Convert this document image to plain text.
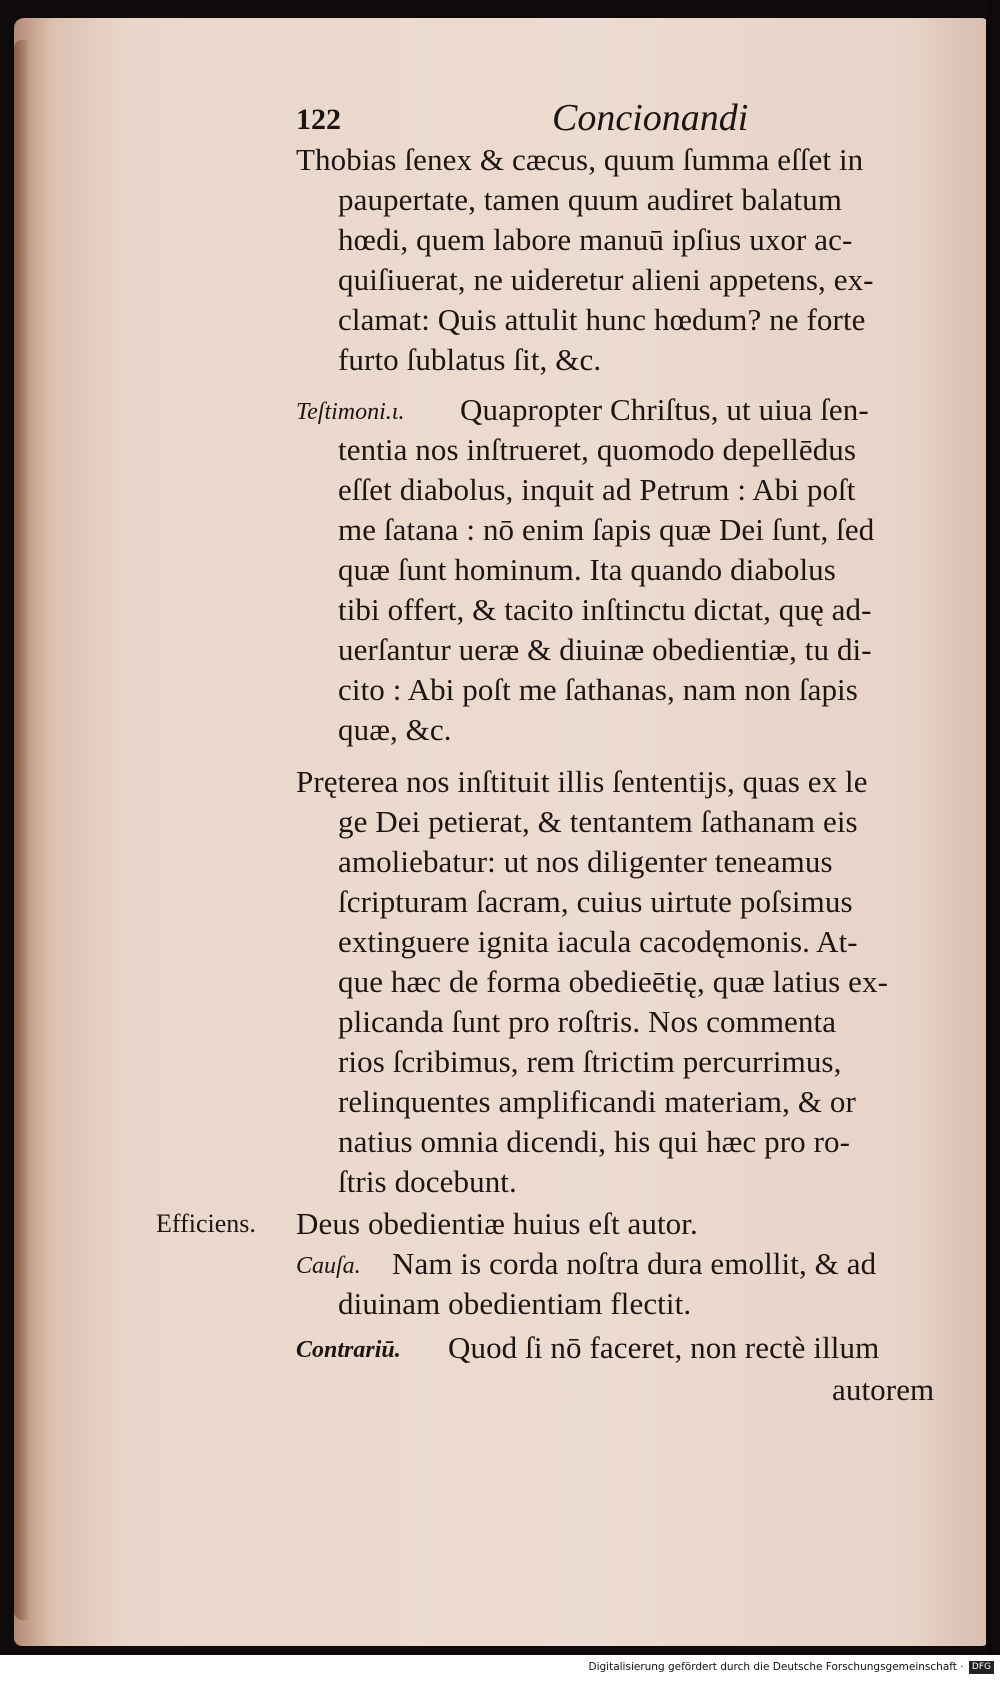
122	Concionandi
Thobias ſenex & cæcus, quum ſumma eſſet in
paupertate, tamen quum audiret balatum
hœdi, quem labore manuū ipſius uxor ac-
quiſiuerat, ne uideretur alieni appetens, ex-
clamat: Quis attulit hunc hœdum? ne forte
furto ſublatus ſit, &c.
Teſtimoni.ι. Quapropter Chriſtus, ut uiua ſen-
tentia nos inſtrueret, quomodo depellēdus
eſſet diabolus, inquit ad Petrum : Abi poſt
me ſatana : nō enim ſapis quæ Dei ſunt, ſed
quæ ſunt hominum. Ita quando diabolus
tibi offert, & tacito inſtinctu dictat, quę ad-
uerſantur ueræ & diuinæ obedientiæ, tu di-
cito : Abi poſt me ſathanas, nam non ſapis
quæ, &c.
Pręterea nos inſtituit illis ſententijs, quas ex le
ge Dei petierat, & tentantem ſathanam eis
amoliebatur: ut nos diligenter teneamus
ſcripturam ſacram, cuius uirtute poſsimus
extinguere ignita iacula cacodęmonis. At-
que hæc de forma obedieētię, quæ latius ex-
plicanda ſunt pro roſtris. Nos commenta
rios ſcribimus, rem ſtrictim percurrimus,
relinquentes amplificandi materiam, & or
natius omnia dicendi, his qui hæc pro ro-
ſtris docebunt.
Efficiens. Deus obedientiæ huius eſt autor.
Cauſa. Nam is corda noſtra dura emollit, & ad
diuinam obedientiam flectit.
Contrariū. Quod ſi nō faceret, non rectè illum
autorem
Digitalisierung gefördert durch die Deutsche Forschungsgemeinschaft · DFG
